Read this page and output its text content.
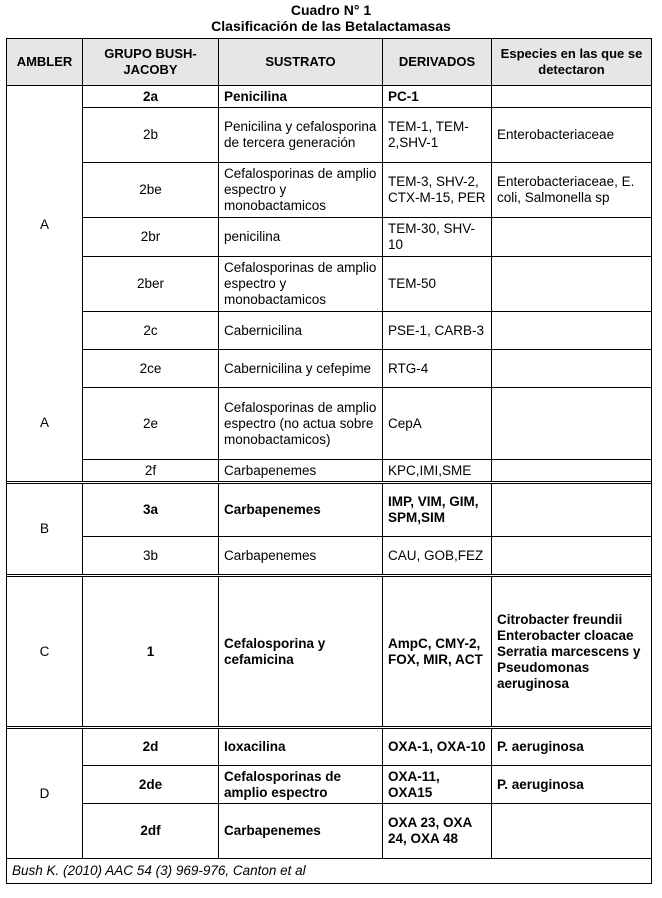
Cuadro N° 1
Clasificación de las Betalactamasas
AMBLER	GRUPO BUSH-JACOBY	SUSTRATO	DERIVADOS	Especies en las que se detectaron

A
A	2a	Penicilina	PC-1	
	2b	Penicilina y cefalosporina de tercera generación	TEM-1, TEM-2,SHV-1	Enterobacteriaceae
	2be	Cefalosporinas de amplio espectro y monobactamicos	TEM-3, SHV-2, CTX-M-15, PER	Enterobacteriaceae, E. coli, Salmonella sp
	2br	penicilina	TEM-30, SHV-10	
	2ber	Cefalosporinas de amplio espectro y monobactamicos	TEM-50	
	2c	Cabernicilina	PSE-1, CARB-3	
	2ce	Cabernicilina y cefepime	RTG-4	
	2e	Cefalosporinas de amplio espectro (no actua sobre monobactamicos)	CepA	
	2f	Carbapenemes	KPC,IMI,SME	

B	3a	Carbapenemes	IMP, VIM, GIM, SPM,SIM	
	3b	Carbapenemes	CAU, GOB,FEZ	

C	1	Cefalosporina y cefamicina	AmpC, CMY-2, FOX, MIR, ACT	Citrobacter freundii Enterobacter cloacae Serratia marcescens y Pseudomonas aeruginosa

D	2d	Ioxacilina	OXA-1, OXA-10	P. aeruginosa
	2de	Cefalosporinas de amplio espectro	OXA-11, OXA15	P. aeruginosa
	2df	Carbapenemes	OXA 23, OXA 24, OXA 48	
Bush K. (2010) AAC 54 (3) 969-976, Canton et al				
